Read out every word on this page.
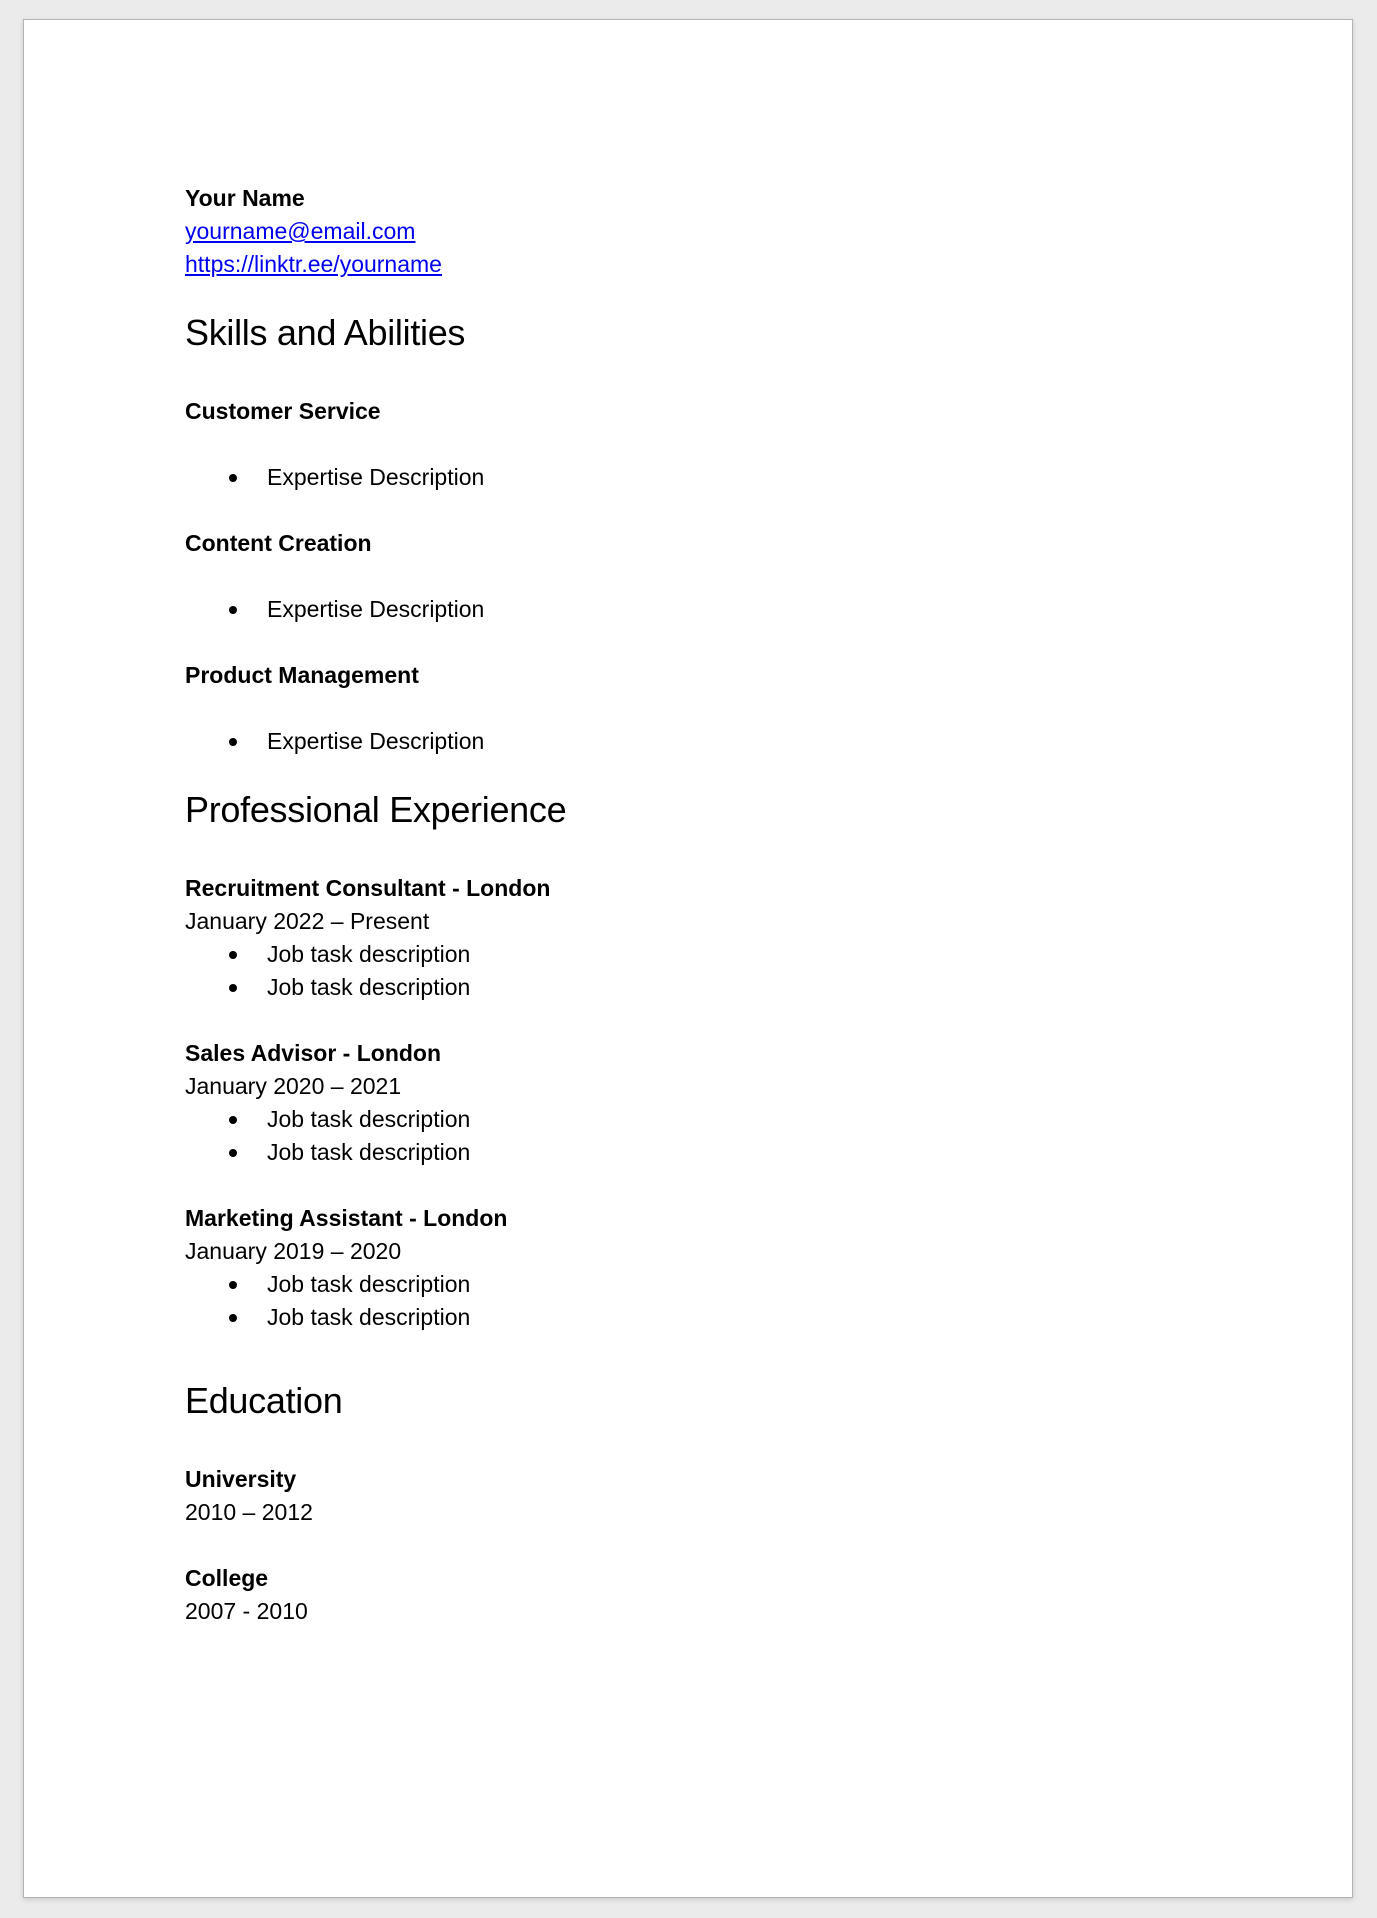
Your Name
yourname@email.com
https://linktr.ee/yourname
Skills and Abilities
Customer Service
Expertise Description
Content Creation
Expertise Description
Product Management
Expertise Description
Professional Experience
Recruitment Consultant - London
January 2022 – Present
Job task description
Job task description
Sales Advisor - London
January 2020 – 2021
Job task description
Job task description
Marketing Assistant - London
January 2019 – 2020
Job task description
Job task description
Education
University
2010 – 2012
College
2007 - 2010
